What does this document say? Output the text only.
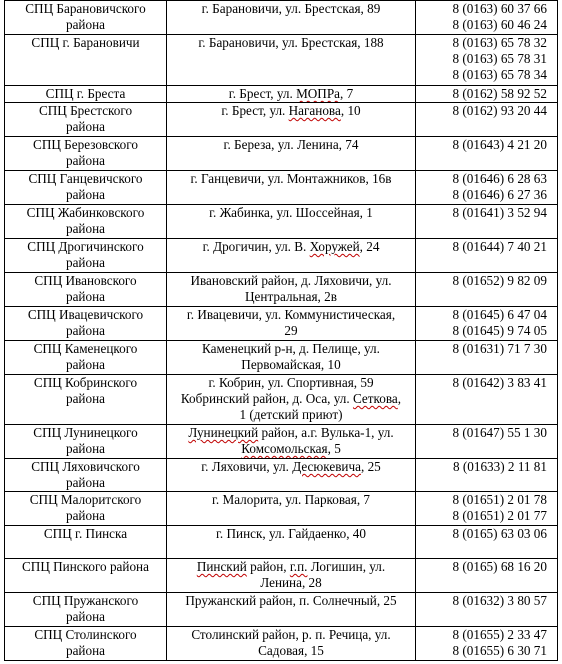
СПЦ Барановичского
района	г. Барановичи, ул. Брестская, 89	8 (0163) 60 37 66
8 (0163) 60 46 24

СПЦ г. Барановичи	г. Барановичи, ул. Брестская, 188	8 (0163) 65 78 32
8 (0163) 65 78 31
8 (0163) 65 78 34

СПЦ г. Бреста	г. Брест, ул. МОПРа, 7	8 (0162) 58 92 52

СПЦ Брестского
района	г. Брест, ул. Наганова, 10	8 (0162) 93 20 44

СПЦ Березовского
района	г. Береза, ул. Ленина, 74	8 (01643) 4 21 20

СПЦ Ганцевичского
района	г. Ганцевичи, ул. Монтажников, 16в	8 (01646) 6 28 63
8 (01646) 6 27 36

СПЦ Жабинковского
района	г. Жабинка, ул. Шоссейная, 1	8 (01641) 3 52 94

СПЦ Дрогичинского
района	г. Дрогичин, ул. В. Хоружей, 24	8 (01644) 7 40 21

СПЦ Ивановского
района	Ивановский район, д. Ляховичи, ул.
Центральная, 2в	8 (01652) 9 82 09

СПЦ Ивацевичского
района	г. Ивацевичи, ул. Коммунистическая,
29	8 (01645) 6 47 04
8 (01645) 9 74 05

СПЦ Каменецкого
района	Каменецкий р-н, д. Пелище, ул.
Первомайская, 10	8 (01631) 71 7 30

СПЦ Кобринского
района	г. Кобрин, ул. Спортивная, 59
Кобринский район, д. Оса, ул. Сеткова,
1 (детский приют)	8 (01642) 3 83 41

СПЦ Лунинецкого
района	Лунинецкий район, а.г. Вулька-1, ул.
Комсомольская, 5	8 (01647) 55 1 30

СПЦ Ляховичского
района	г. Ляховичи, ул. Десюкевича, 25	8 (01633) 2 11 81

СПЦ Малоритского
района	г. Малорита, ул. Парковая, 7	8 (01651) 2 01 78
8 (01651) 2 01 77

СПЦ г. Пинска	г. Пинск, ул. Гайдаенко, 40	8 (0165) 63 03 06

СПЦ Пинского района	Пинский район, г.п. Логишин, ул.
Ленина, 28	8 (0165) 68 16 20

СПЦ Пружанского
района	Пружанский район, п. Солнечный, 25	8 (01632) 3 80 57

СПЦ Столинского
района	Столинский район, р. п. Речица, ул.
Садовая, 15	8 (01655) 2 33 47
8 (01655) 6 30 71
